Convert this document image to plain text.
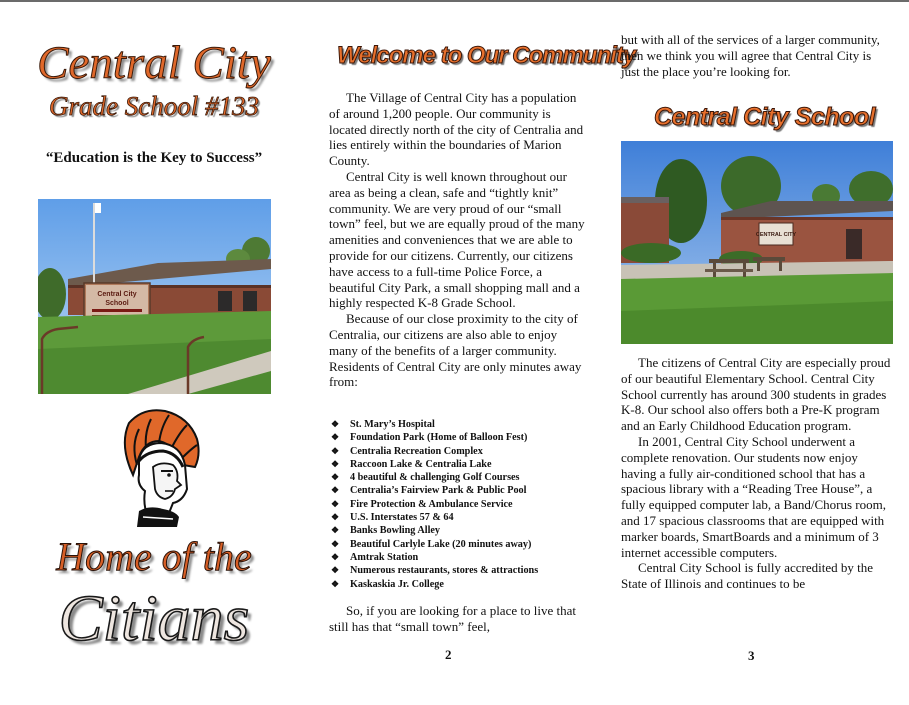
Central City
Grade School #133
“Education is the Key to Success”
Central City
School
Home of the
Citians
Welcome to Our Community

The Village of Central City has a population of around 1,200 people. Our community is located directly north of the city of Centralia and lies entirely within the boundaries of Marion County.

Central City is well known throughout our area as being a clean, safe and “tightly knit” community. We are very proud of our “small town” feel, but we are equally proud of the many amenities and conveniences that we are able to provide for our citizens. Currently, our citizens have access to a full-time Police Force, a beautiful City Park, a small shopping mall and a highly respected K-8 Grade School.

Because of our close proximity to the city of Centralia, our citizens are also able to enjoy many of the benefits of a larger community. Residents of Central City are only minutes away from:

❖ St. Mary’s Hospital
❖ Foundation Park (Home of Balloon Fest)
❖ Centralia Recreation Complex
❖ Raccoon Lake & Centralia Lake
❖ 4 beautiful & challenging Golf Courses
❖ Centralia’s Fairview Park & Public Pool
❖ Fire Protection & Ambulance Service
❖ U.S. Interstates 57 & 64
❖ Banks Bowling Alley
❖ Beautiful Carlyle Lake (20 minutes away)
❖ Amtrak Station
❖ Numerous restaurants, stores & attractions
❖ Kaskaskia Jr. College

So, if you are looking for a place to live that still has that “small town” feel,

2

but with all of the services of a larger community, then we think you will agree that Central City is just the place you’re looking for.

Central City School
CENTRAL CITY

The citizens of Central City are especially proud of our beautiful Elementary School. Central City School currently has around 300 students in grades K-8. Our school also offers both a Pre-K program and an Early Childhood Education program.

In 2001, Central City School underwent a complete renovation. Our students now enjoy having a fully air-conditioned school that has a spacious library with a “Reading Tree House”, a fully equipped computer lab, a Band/Chorus room, and 17 spacious classrooms that are equipped with marker boards, SmartBoards and a minimum of 3 internet accessible computers.

Central City School is fully accredited by the State of Illinois and continues to be

3
